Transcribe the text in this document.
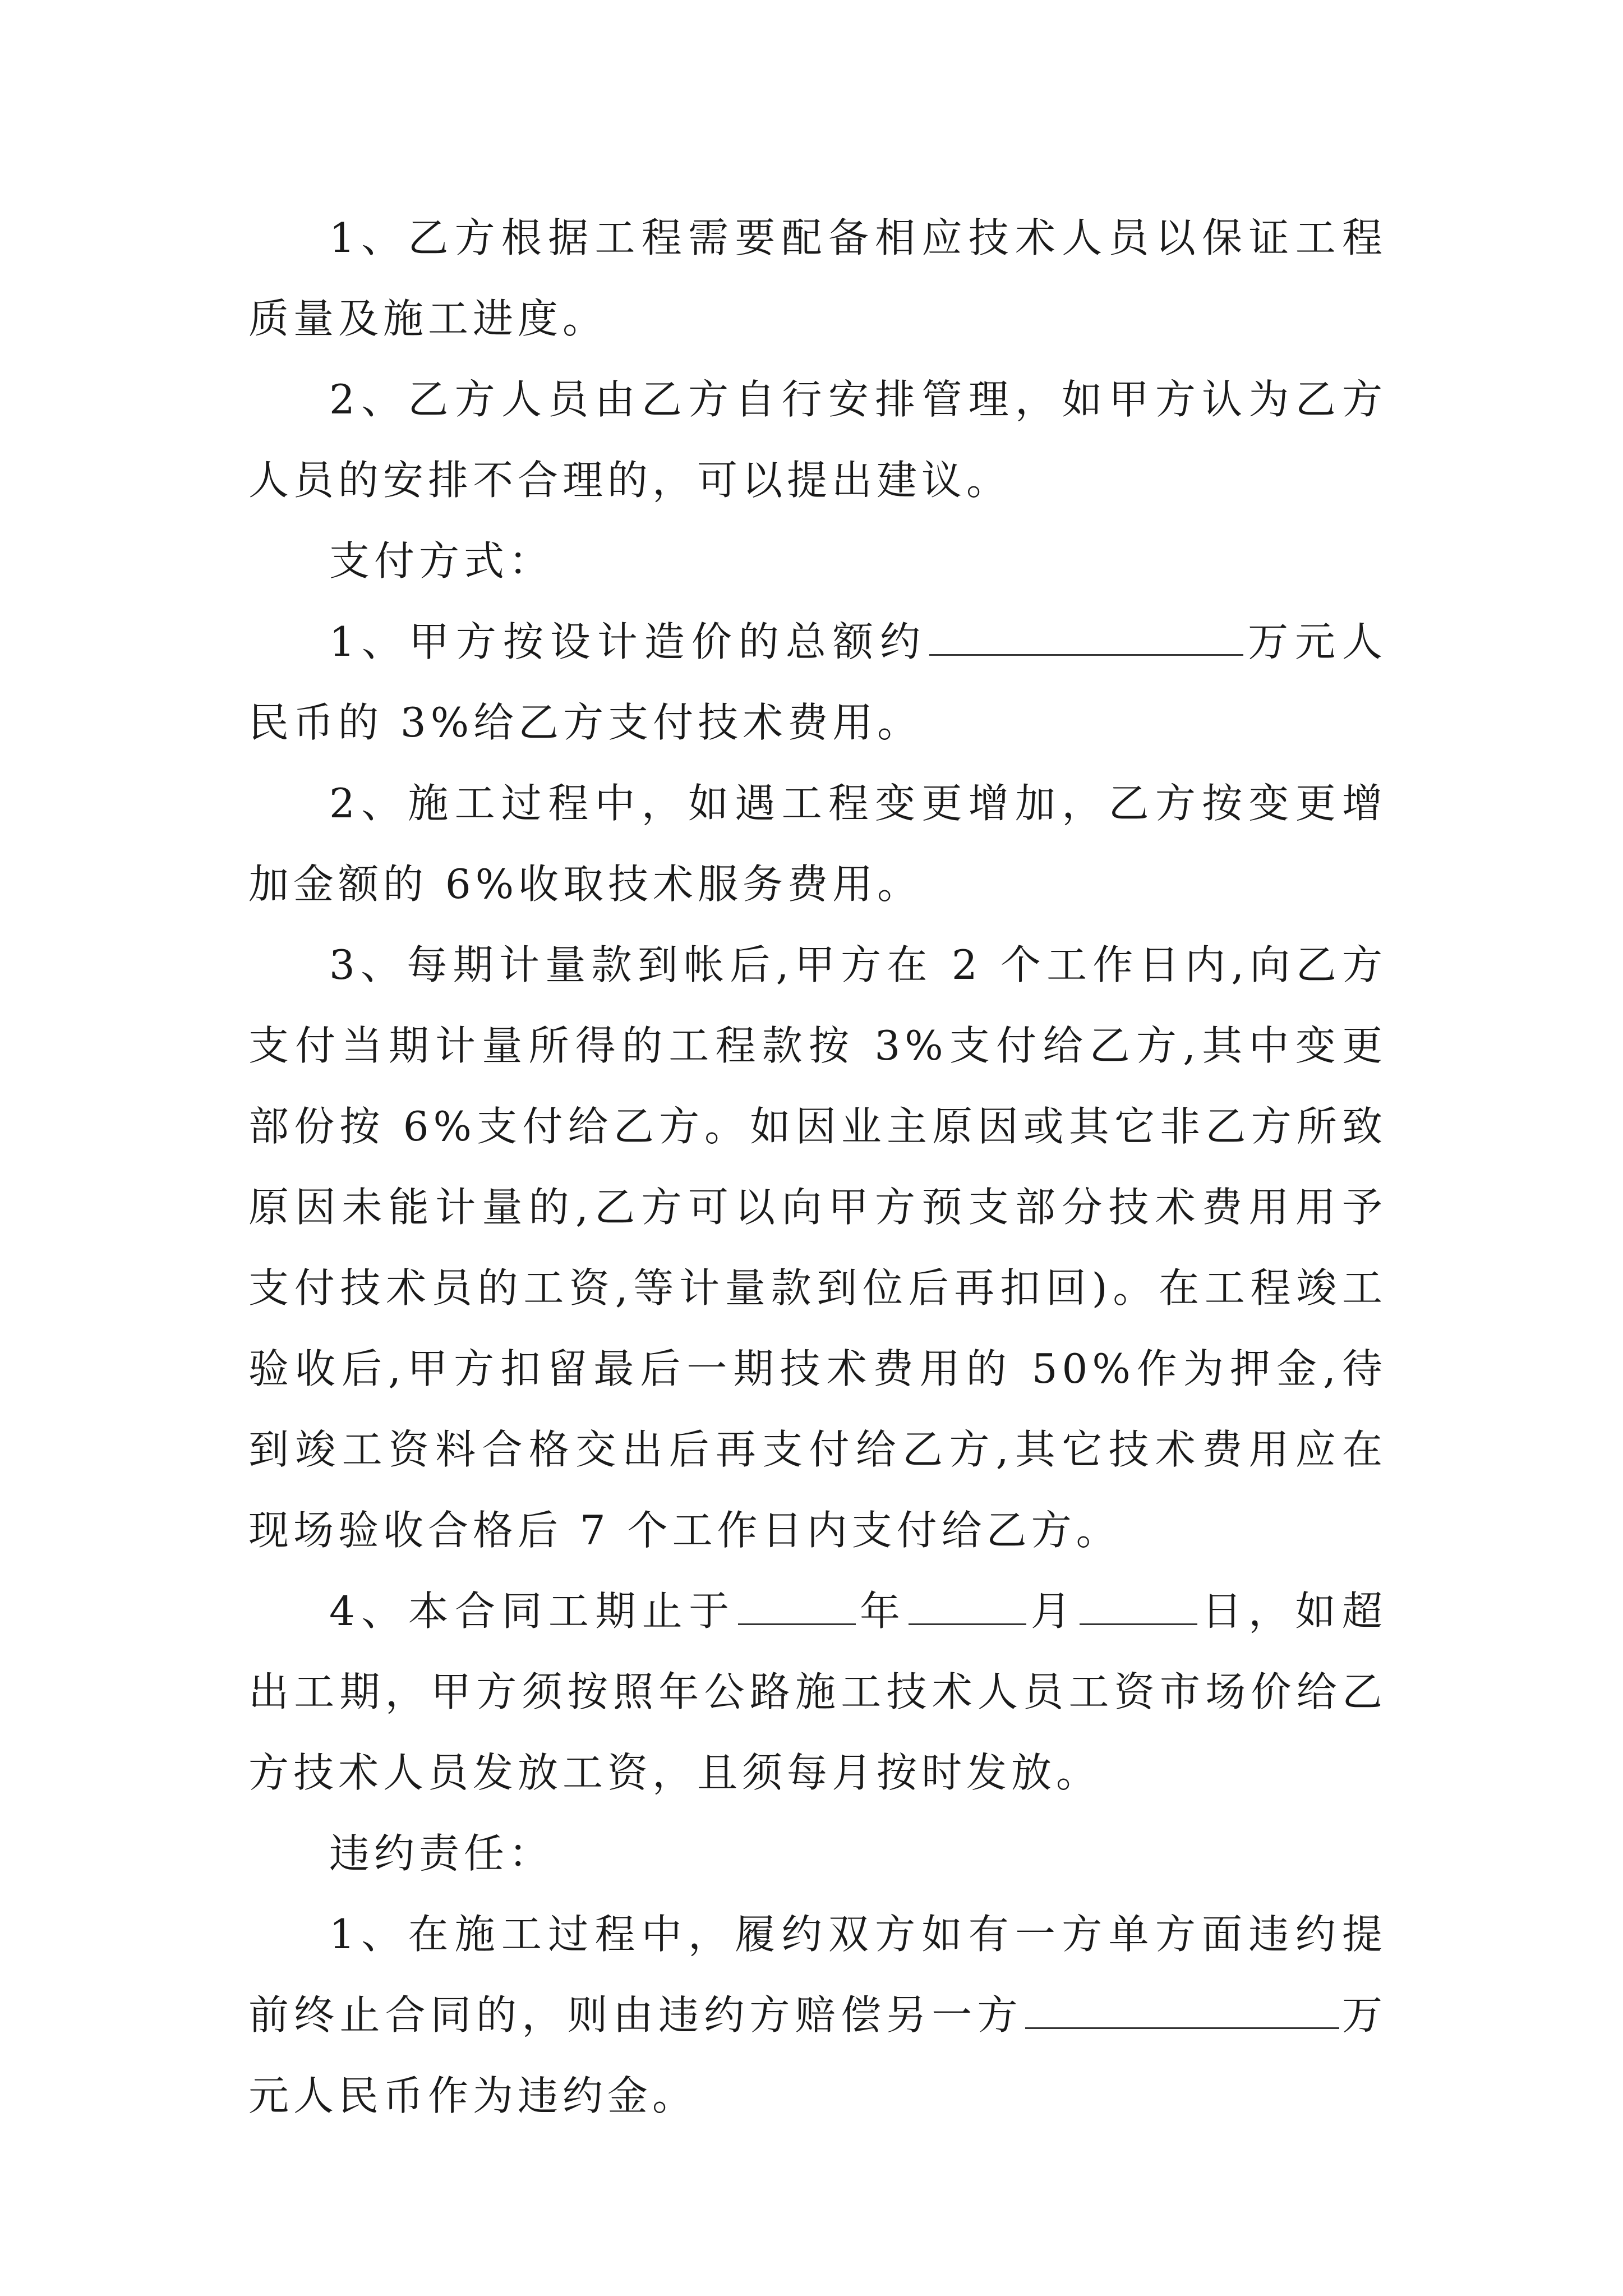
1、乙方根据工程需要配备相应技术人员以保证工程质量及施工进度。

2、乙方人员由乙方自行安排管理，如甲方认为乙方人员的安排不合理的，可以提出建议。

支付方式：

1、甲方按设计造价的总额约	万元人民币的 3%给乙方支付技术费用。

2、施工过程中，如遇工程变更增加，乙方按变更增加金额的 6%收取技术服务费用。

3、每期计量款到帐后,甲方在 2 个工作日内,向乙方支付当期计量所得的工程款按 3%支付给乙方,其中变更部份按 6%支付给乙方。如因业主原因或其它非乙方所致原因未能计量的,乙方可以向甲方预支部分技术费用用予支付技术员的工资,等计量款到位后再扣回)。在工程竣工验收后,甲方扣留最后一期技术费用的 50%作为押金,待到竣工资料合格交出后再支付给乙方,其它技术费用应在现场验收合格后 7 个工作日内支付给乙方。

4、本合同工期止于	年	月	日，如超出工期，甲方须按照年公路施工技术人员工资市场价给乙方技术人员发放工资，且须每月按时发放。

违约责任：

1、在施工过程中，履约双方如有一方单方面违约提前终止合同的，则由违约方赔偿另一方	万元人民币作为违约金。
